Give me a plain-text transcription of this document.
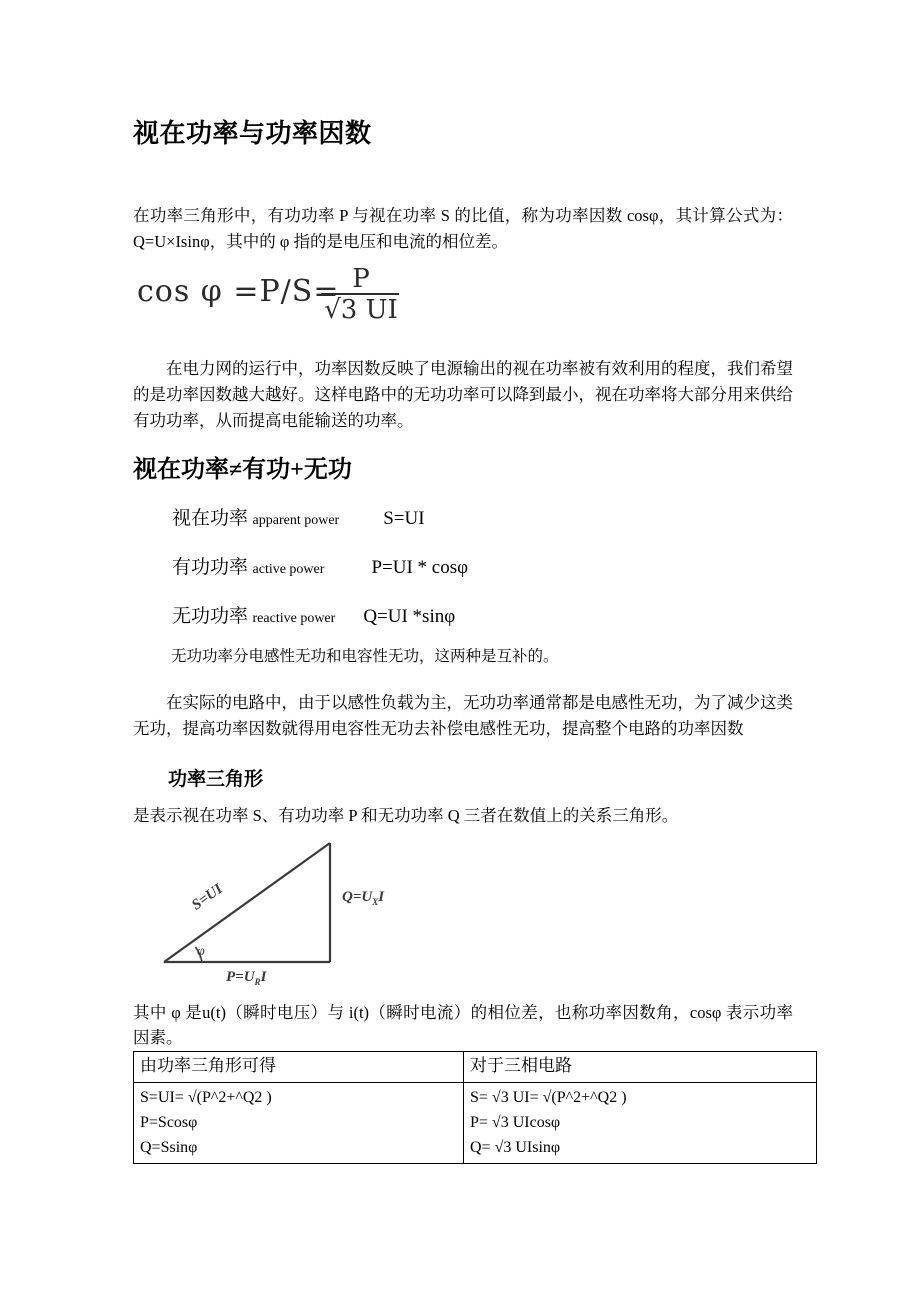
视在功率与功率因数

在功率三角形中，有功功率 P 与视在功率 S 的比值，称为功率因数 cosφ，其计算公式为：Q=U×Isinφ，其中的 φ 指的是电压和电流的相位差。

cos φ =P/S= P
√3 UI

在电力网的运行中，功率因数反映了电源输出的视在功率被有效利用的程度，我们希望的是功率因数越大越好。这样电路中的无功功率可以降到最小，视在功率将大部分用来供给有功功率，从而提高电能输送的功率。

视在功率≠有功+无功
视在功率 apparent power S=UI
有功功率 active power P=UI * cosφ
无功功率 reactive power Q=UI *sinφ

无功功率分电感性无功和电容性无功，这两种是互补的。

在实际的电路中，由于以感性负载为主，无功功率通常都是电感性无功，为了减少这类无功，提高功率因数就得用电容性无功去补偿电感性无功，提高整个电路的功率因数

功率三角形

是表示视在功率 S、有功功率 P 和无功功率 Q 三者在数值上的关系三角形。

S=UI
φ
$Q=U_XI$
$P=U_RI$

其中 φ 是u(t)（瞬时电压）与 i(t)（瞬时电流）的相位差，也称功率因数角，cosφ 表示功率因素。

由功率三角形可得	对于三相电路

S=UI= √(P^2+^Q2 )
P=Scosφ
Q=Ssinφ

S= √3 UI= √(P^2+^Q2 )
P= √3 UIcosφ
Q= √3 UIsinφ
